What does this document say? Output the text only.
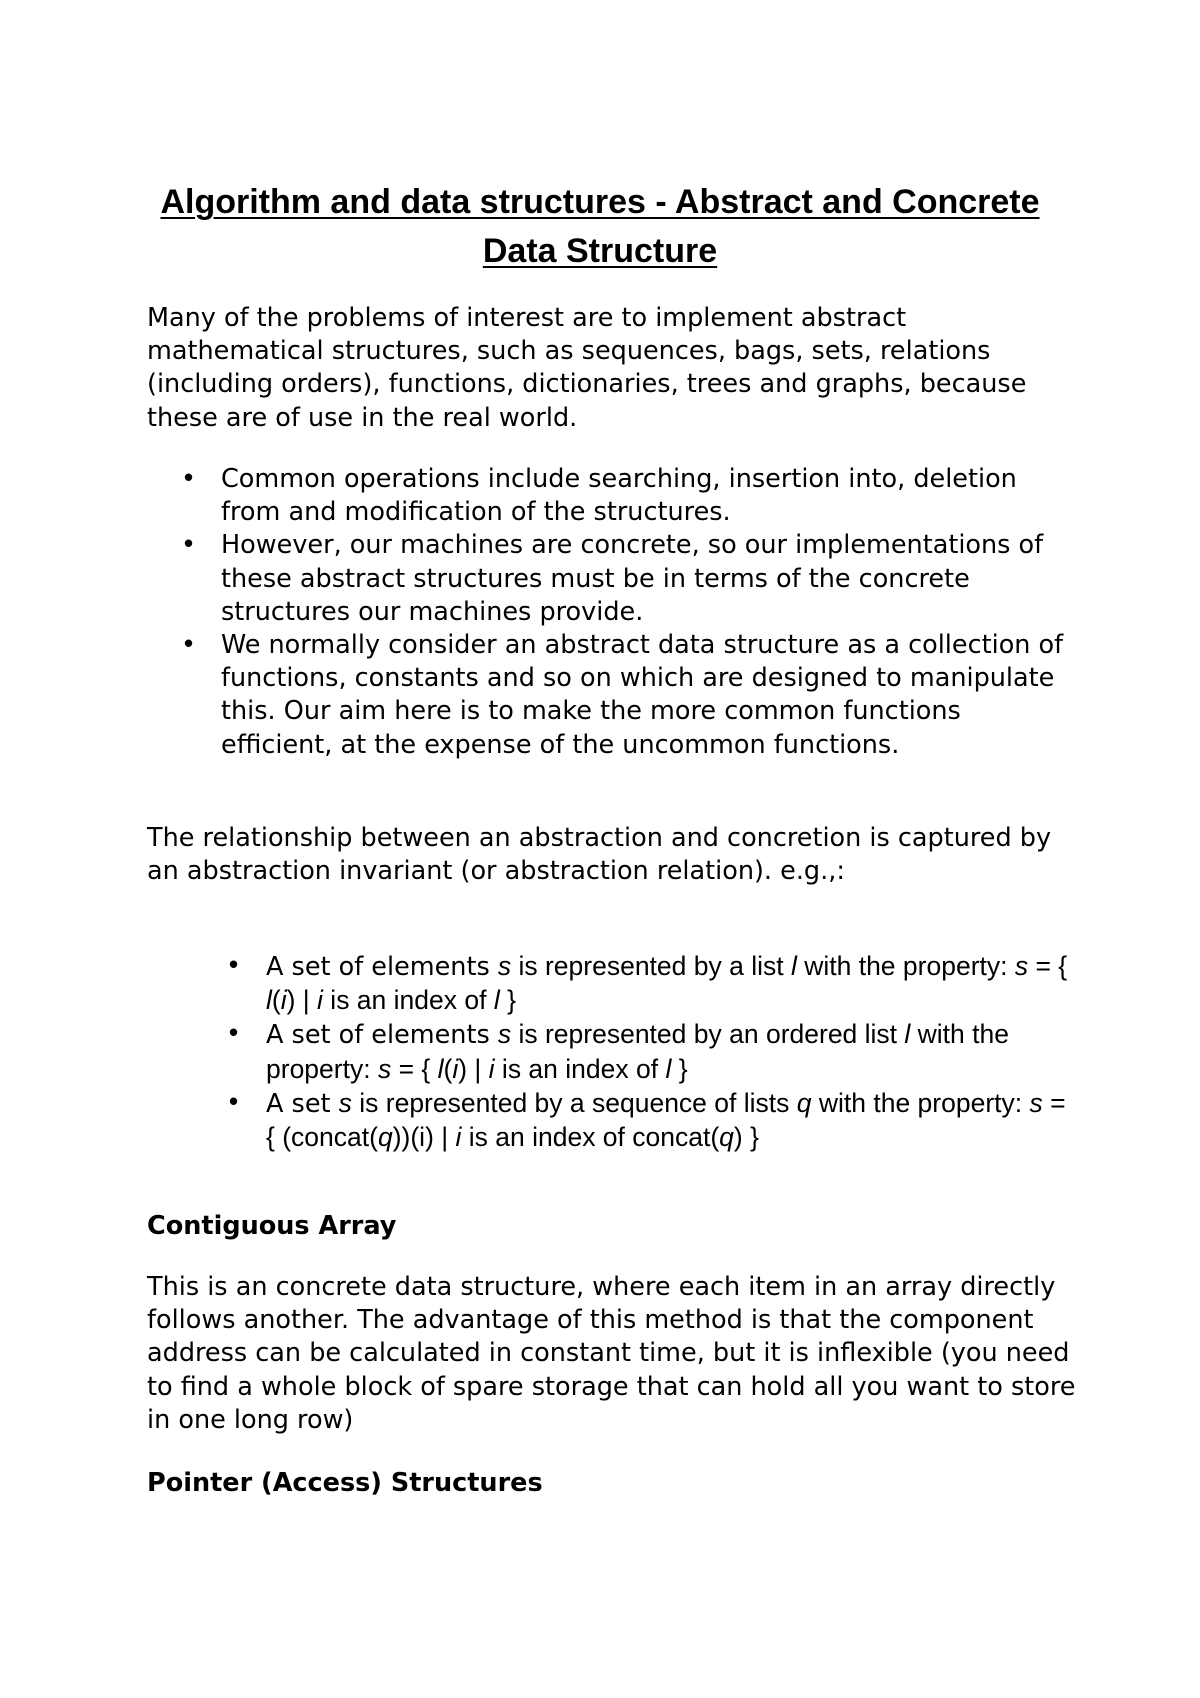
Algorithm and data structures - Abstract and Concrete
Data Structure

Many of the problems of interest are to implement abstract mathematical structures, such as sequences, bags, sets, relations (including orders), functions, dictionaries, trees and graphs, because these are of use in the real world.

• Common operations include searching, insertion into, deletion from and modification of the structures.
• However, our machines are concrete, so our implementations of these abstract structures must be in terms of the concrete structures our machines provide.
• We normally consider an abstract data structure as a collection of functions, constants and so on which are designed to manipulate this. Our aim here is to make the more common functions efficient, at the expense of the uncommon functions.

The relationship between an abstraction and concretion is captured by an abstraction invariant (or abstraction relation). e.g.,:

• A set of elements s is represented by a list l with the property: s = { l(i) | i is an index of l }
• A set of elements s is represented by an ordered list l with the property: s = { l(i) | i is an index of l }
• A set s is represented by a sequence of lists q with the property: s = { (concat(q))(i) | i is an index of concat(q) }
Contiguous Array

This is an concrete data structure, where each item in an array directly follows another. The advantage of this method is that the component address can be calculated in constant time, but it is inflexible (you need to find a whole block of spare storage that can hold all you want to store in one long row)

Pointer (Access) Structures
